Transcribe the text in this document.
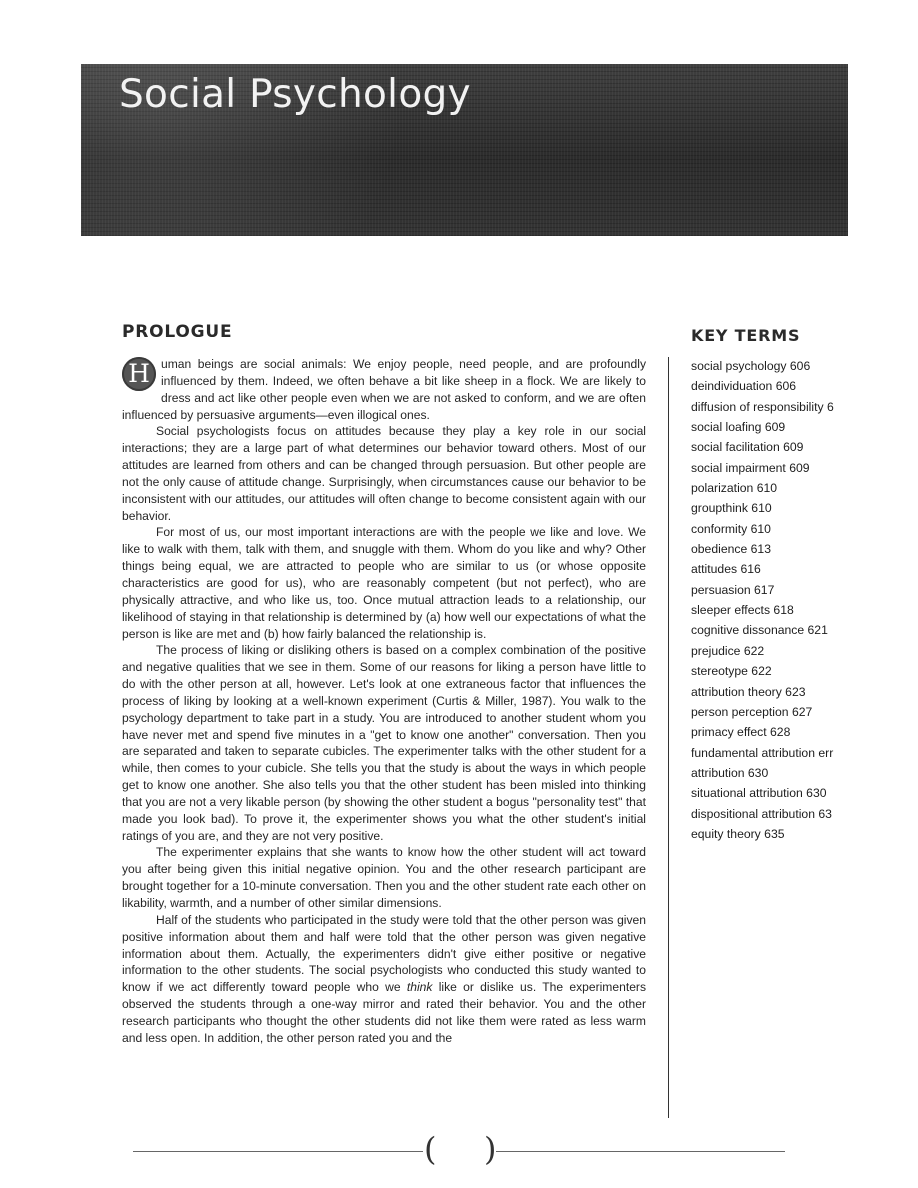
Social Psychology
PROLOGUE	KEY TERMS

H uman beings are social animals: We enjoy people, need people, and are profoundly influenced by them. Indeed, we often behave a bit like sheep in a flock. We are likely to dress and act like other people even when we are not asked to conform, and we are often influenced by persuasive arguments—even illogical ones.

Social psychologists focus on attitudes because they play a key role in our social interactions; they are a large part of what determines our behavior toward others. Most of our attitudes are learned from others and can be changed through persuasion. But other people are not the only cause of attitude change. Surprisingly, when circumstances cause our behavior to be inconsistent with our attitudes, our attitudes will often change to become consistent again with our behavior.

For most of us, our most important interactions are with the people we like and love. We like to walk with them, talk with them, and snuggle with them. Whom do you like and why? Other things being equal, we are attracted to people who are similar to us (or whose opposite characteristics are good for us), who are reasonably competent (but not perfect), who are physically attractive, and who like us, too. Once mutual attraction leads to a relationship, our likelihood of staying in that relationship is determined by (a) how well our expectations of what the person is like are met and (b) how fairly balanced the relationship is.

The process of liking or disliking others is based on a complex combination of the positive and negative qualities that we see in them. Some of our reasons for liking a person have little to do with the other person at all, however. Let's look at one extraneous factor that influences the process of liking by looking at a well-known experiment (Curtis & Miller, 1987). You walk to the psychology department to take part in a study. You are introduced to another student whom you have never met and spend five minutes in a "get to know one another" conversation. Then you are separated and taken to separate cubicles. The experimenter talks with the other student for a while, then comes to your cubicle. She tells you that the study is about the ways in which people get to know one another. She also tells you that the other student has been misled into thinking that you are not a very likable person (by showing the other student a bogus "personality test" that made you look bad). To prove it, the experimenter shows you what the other student's initial ratings of you are, and they are not very positive.

The experimenter explains that she wants to know how the other student will act toward you after being given this initial negative opinion. You and the other research participant are brought together for a 10-minute conversation. Then you and the other student rate each other on likability, warmth, and a number of other similar dimensions.

Half of the students who participated in the study were told that the other person was given positive information about them and half were told that the other person was given negative information about them. Actually, the experimenters didn't give either positive or negative information to the other students. The social psychologists who conducted this study wanted to know if we act differently toward people who we think like or dislike us. The experimenters observed the students through a one-way mirror and rated their behavior. You and the other research participants who thought the other students did not like them were rated as less warm and less open. In addition, the other person rated you and the

social psychology 606
deindividuation 606
diffusion of responsibility 6
social loafing 609
social facilitation 609
social impairment 609
polarization 610
groupthink 610
conformity 610
obedience 613
attitudes 616
persuasion 617
sleeper effects 618
cognitive dissonance 621
prejudice 622
stereotype 622
attribution theory 623
person perception 627
primacy effect 628
fundamental attribution err
attribution 630
situational attribution 630
dispositional attribution 63
equity theory 635
( )
